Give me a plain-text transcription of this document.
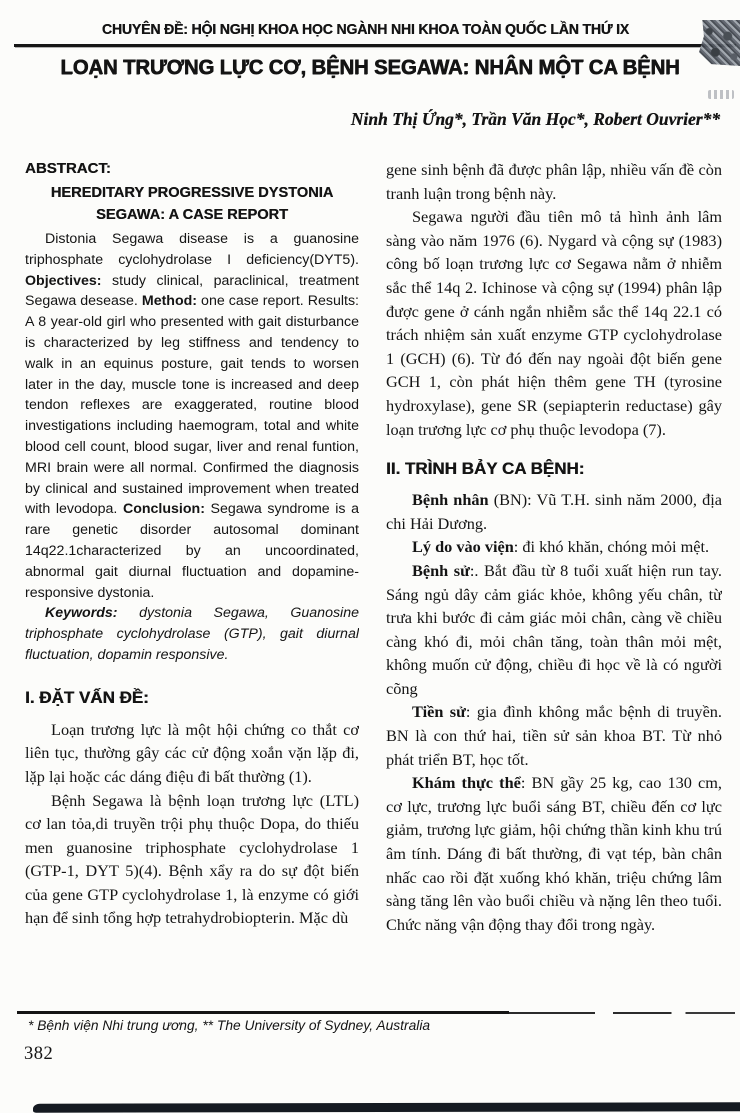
CHUYÊN ĐỀ: HỘI NGHỊ KHOA HỌC NGÀNH NHI KHOA TOÀN QUỐC LẦN THỨ IX
LOẠN TRƯƠNG LỰC CƠ, BỆNH SEGAWA: NHÂN MỘT CA BỆNH
Ninh Thị Ứng*, Trần Văn Học*, Robert Ouvrier**
ABSTRACT:
HEREDITARY PROGRESSIVE DYSTONIA
SEGAWA: A CASE REPORT

Distonia Segawa disease is a guanosine triphosphate cyclohydrolase I deficiency(DYT5). Objectives: study clinical, paraclinical, treatment Segawa desease. Method: one case report. Results: A 8 year-old girl who presented with gait disturbance is characterized by leg stiffness and tendency to walk in an equinus posture, gait tends to worsen later in the day, muscle tone is increased and deep tendon reflexes are exaggerated, routine blood investigations including haemogram, total and white blood cell count, blood sugar, liver and renal funtion, MRI brain were all normal. Confirmed the diagnosis by clinical and sustained improvement when treated with levodopa. Conclusion: Segawa syndrome is a rare genetic disorder autosomal dominant 14q22.1characterized by an uncoordinated, abnormal gait diurnal fluctuation and dopamine-responsive dystonia.

Keywords: dystonia Segawa, Guanosine triphosphate cyclohydrolase (GTP), gait diurnal fluctuation, dopamin responsive.

I. ĐẶT VẤN ĐỀ:

Loạn trương lực là một hội chứng co thắt cơ liên tục, thường gây các cử động xoắn vặn lặp đi, lặp lại hoặc các dáng điệu đi bất thường (1).

Bệnh Segawa là bệnh loạn trương lực (LTL) cơ lan tỏa,di truyền trội phụ thuộc Dopa, do thiếu men guanosine triphosphate cyclohydrolase 1 (GTP-1, DYT 5)(4). Bệnh xẩy ra do sự đột biến của gene GTP cyclohydrolase 1, là enzyme có giới hạn để sinh tổng hợp tetrahydrobiopterin. Mặc dù

gene sinh bệnh đã được phân lập, nhiều vấn đề còn tranh luận trong bệnh này.

Segawa người đầu tiên mô tả hình ảnh lâm sàng vào năm 1976 (6). Nygard và cộng sự (1983) công bố loạn trương lực cơ Segawa nằm ở nhiễm sắc thể 14q 2. Ichinose và cộng sự (1994) phân lập được gene ở cánh ngắn nhiễm sắc thể 14q 22.1 có trách nhiệm sản xuất enzyme GTP cyclohydrolase 1 (GCH) (6). Từ đó đến nay ngoài đột biến gene GCH 1, còn phát hiện thêm gene TH (tyrosine hydroxylase), gene SR (sepiapterin reductase) gây loạn trương lực cơ phụ thuộc levodopa (7).

II. TRÌNH BẢY CA BỆNH:

Bệnh nhân (BN): Vũ T.H. sinh năm 2000, địa chi Hải Dương.

Lý do vào viện: đi khó khăn, chóng mỏi mệt.

Bệnh sử:. Bắt đầu từ 8 tuổi xuất hiện run tay. Sáng ngủ dây cảm giác khỏe, không yếu chân, từ trưa khi bước đi cảm giác mỏi chân, càng về chiều càng khó đi, mỏi chân tăng, toàn thân mỏi mệt, không muốn cử động, chiều đi học về là có người cõng

Tiền sử: gia đình không mắc bệnh di truyền. BN là con thứ hai, tiền sử sản khoa BT. Từ nhỏ phát triển BT, học tốt.

Khám thực thể: BN gầy 25 kg, cao 130 cm, cơ lực, trương lực buổi sáng BT, chiều đến cơ lực giảm, trương lực giảm, hội chứng thần kinh khu trú âm tính. Dáng đi bất thường, đi vạt tép, bàn chân nhấc cao rồi đặt xuống khó khăn, triệu chứng lâm sàng tăng lên vào buổi chiều và nặng lên theo tuổi. Chức năng vận động thay đổi trong ngày.

* Bệnh viện Nhi trung ương, ** The University of Sydney, Australia
382
